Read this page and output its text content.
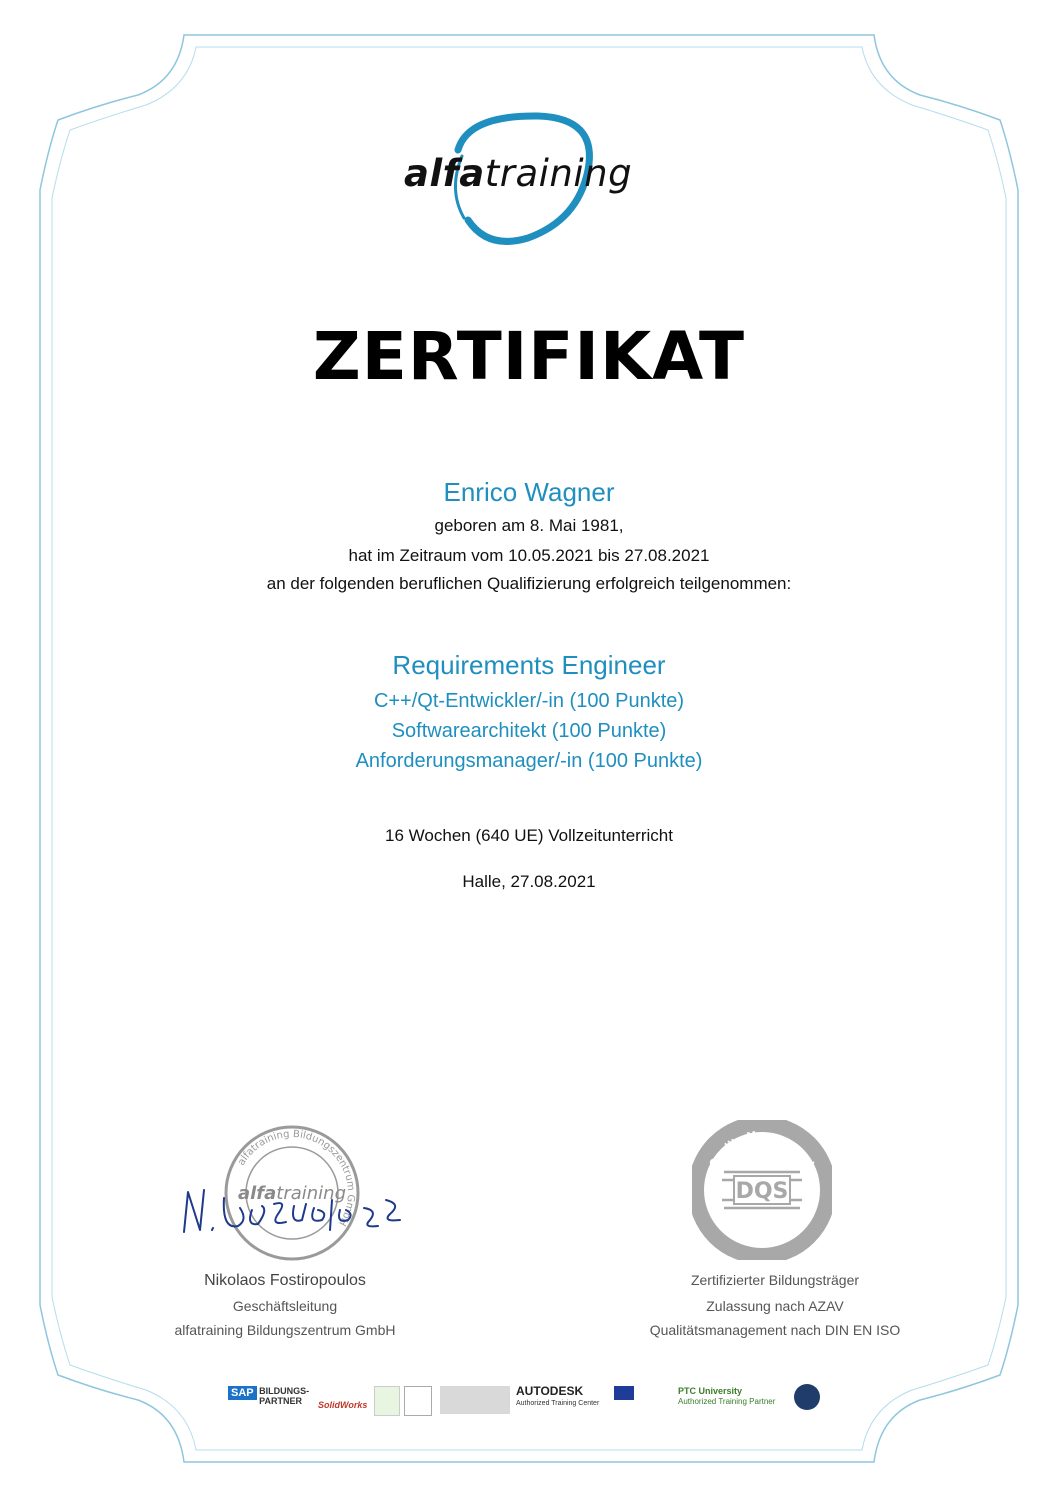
alfatraining
ZERTIFIKAT
Enrico Wagner
geboren am 8. Mai 1981,
hat im Zeitraum vom 10.05.2021 bis 27.08.2021
an der folgenden beruflichen Qualifizierung erfolgreich teilgenommen:
Requirements Engineer
C++/Qt-Entwickler/-in (100 Punkte)
Softwarearchitekt (100 Punkte)
Anforderungsmanager/-in (100 Punkte)
16 Wochen (640 UE) Vollzeitunterricht
Halle, 27.08.2021
alfatraining Bildungszentrum GmbH
alfatraining
N. Fostiropoulos
Nikolaos Fostiropoulos
Geschäftsleitung
alfatraining Bildungszentrum GmbH
Quality Management
ISO 9001:2015
DQS
Zertifizierter Bildungsträger
Zulassung nach AZAV
Qualitätsmanagement nach DIN EN ISO
SAP BILDUNGS-
PARTNER	SolidWorks
AUTODESK
Authorized Training Center
PTC University
Authorized Training Partner
